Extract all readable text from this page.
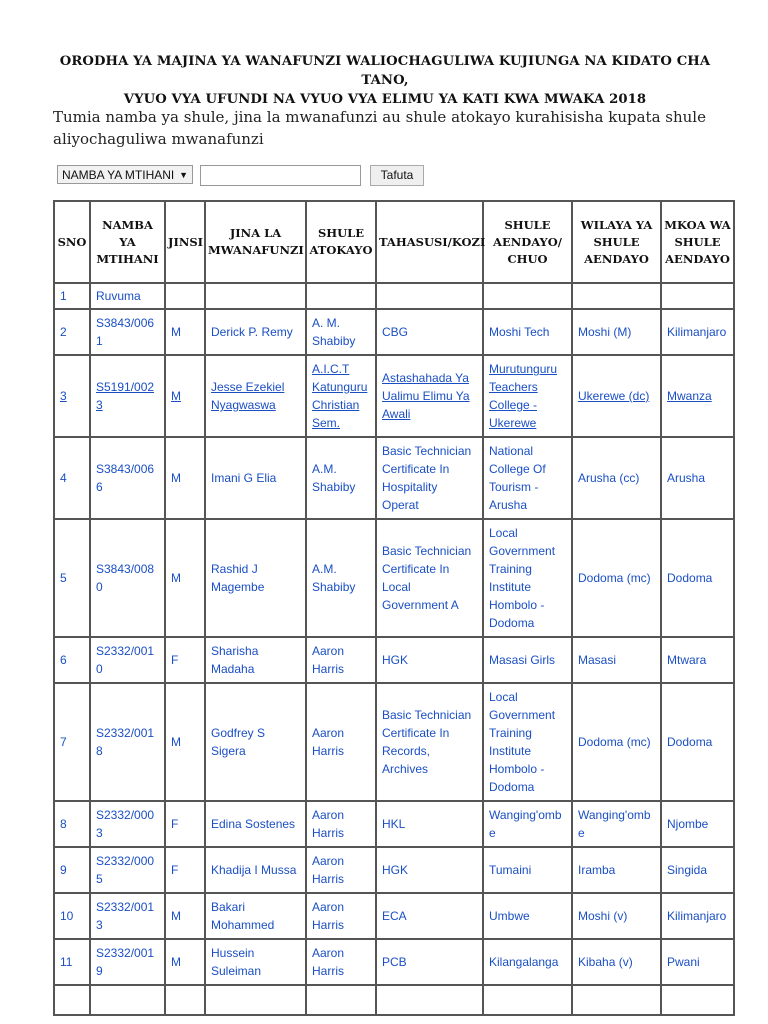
ORODHA YA MAJINA YA WANAFUNZI WALIOCHAGULIWA KUJIUNGA NA KIDATO CHA TANO,
VYUO VYA UFUNDI NA VYUO VYA ELIMU YA KATI KWA MWAKA 2018
Tumia namba ya shule, jina la mwanafunzi au shule atokayo kurahisisha kupata shule aliyochaguliwa mwanafunzi
NAMBA YA MTIHANI ▼	Tafuta
SNO	NAMBA YA MTIHANI	JINSI	JINA LA MWANAFUNZI	SHULE ATOKAYO	TAHASUSI/KOZI	SHULE AENDAYO/ CHUO	WILAYA YA SHULE AENDAYO	MKOA WA SHULE AENDAYO
1	Ruvuma							
2	S3843/0061	M	Derick P. Remy	A. M. Shabiby	CBG	Moshi Tech	Moshi (M)	Kilimanjaro
3	S5191/0023	M	Jesse Ezekiel Nyagwaswa	A.I.C.T Katunguru Christian Sem.	Astashahada Ya Ualimu Elimu Ya Awali	Murutunguru Teachers College - Ukerewe	Ukerewe (dc)	Mwanza
4	S3843/0066	M	Imani G Elia	A.M. Shabiby	Basic Technician Certificate In Hospitality Operat	National College Of Tourism - Arusha	Arusha (cc)	Arusha
5	S3843/0080	M	Rashid J Magembe	A.M. Shabiby	Basic Technician Certificate In Local Government A	Local Government Training Institute Hombolo - Dodoma	Dodoma (mc)	Dodoma
6	S2332/0010	F	Sharisha Madaha	Aaron Harris	HGK	Masasi Girls	Masasi	Mtwara
7	S2332/0018	M	Godfrey S Sigera	Aaron Harris	Basic Technician Certificate In Records, Archives	Local Government Training Institute Hombolo - Dodoma	Dodoma (mc)	Dodoma
8	S2332/0003	F	Edina Sostenes	Aaron Harris	HKL	Wanging'ombe	Wanging'ombe	Njombe
9	S2332/0005	F	Khadija I Mussa	Aaron Harris	HGK	Tumaini	Iramba	Singida
10	S2332/0013	M	Bakari Mohammed	Aaron Harris	ECA	Umbwe	Moshi (v)	Kilimanjaro
11	S2332/0019	M	Hussein Suleiman	Aaron Harris	PCB	Kilangalanga	Kibaha (v)	Pwani
